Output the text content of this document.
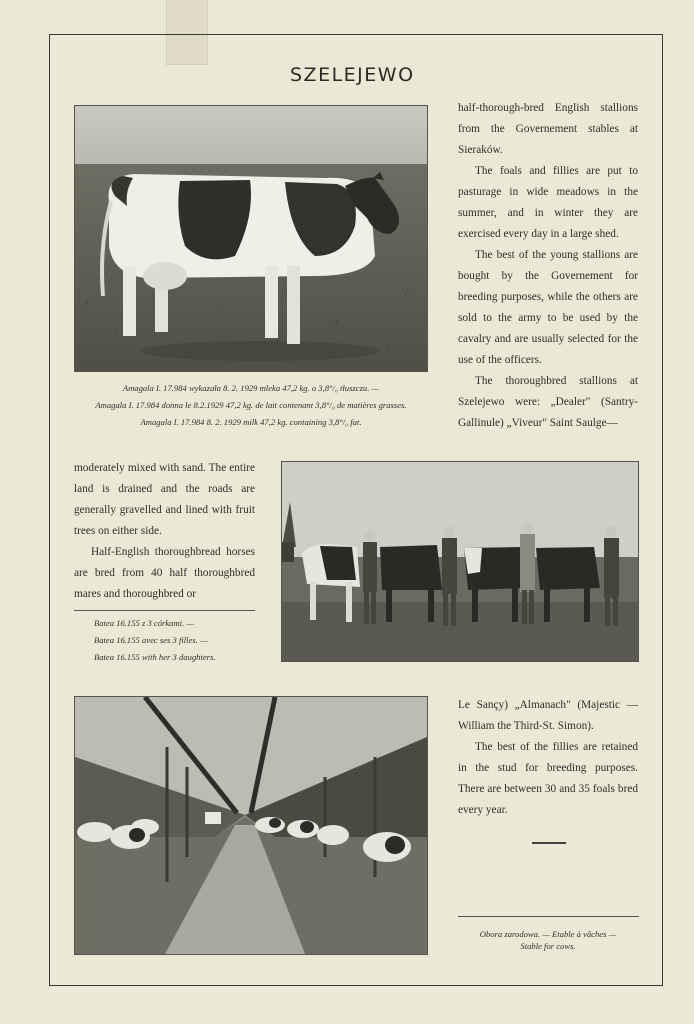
SZELEJEWO

half-thorough-bred English stallions from the Governement stables at Sieraków.

The foals and fillies are put to pasturage in wide meadows in the summer, and in winter they are exercised every day in a large shed.

The best of the young stallions are bought by the Governement for breeding purposes, while the others are sold to the army to be used by the cavalry and are usually selected for the use of the officers.

The thoroughbred stallions at Szelejewo were: „Dealer" (Santry-Gallinule) „Viveur" Saint Saulge—

Amagala I. 17.984 wykazała 8. 2. 1929 mleka 47,2 kg. o 3,8°/₀ tłuszczu. —
Amagala I. 17.984 donna le 8.2.1929 47,2 kg. de lait contenant 3,8°/₀ de matières grasses.
Amagala I. 17.984 8. 2. 1929 milk 47,2 kg. containing 3,8°/₀ fat.

moderately mixed with sand. The entire land is drained and the roads are generally gravelled and lined with fruit trees on either side.

Half-English thoroughbread horses are bred from 40 half thoroughbred mares and thoroughbred or

Batea 16.155 z 3 córkami. —
Batea 16.155 avec ses 3 filles. —
Batea 16.155 with her 3 daughters.

Le Sançy) „Almanach" (Majestic — William the Third-St. Simon).

The best of the fillies are retained in the stud for breeding purposes. There are between 30 and 35 foals bred every year.

Obora zarodowa. — Etable à vâches —
Stable for cows.
